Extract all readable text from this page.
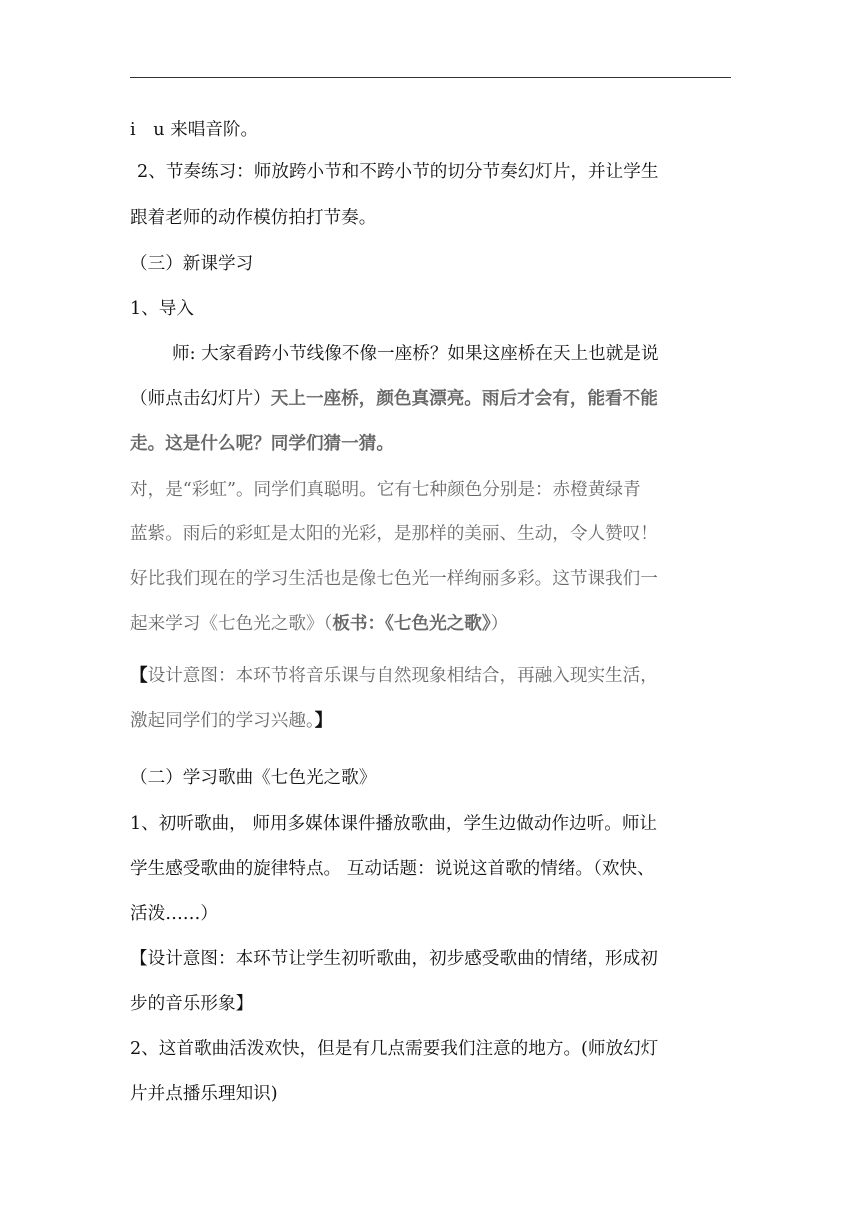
i　u 来唱音阶。
2、节奏练习：师放跨小节和不跨小节的切分节奏幻灯片，并让学生
跟着老师的动作模仿拍打节奏。
（三）新课学习
1、导入
师: 大家看跨小节线像不像一座桥？如果这座桥在天上也就是说
（师点击幻灯片）天上一座桥，颜色真漂亮。雨后才会有，能看不能
走。这是什么呢？同学们猜一猜。
对，是“彩虹”。同学们真聪明。它有七种颜色分别是：赤橙黄绿青
蓝紫。雨后的彩虹是太阳的光彩，是那样的美丽、生动，令人赞叹！
好比我们现在的学习生活也是像七色光一样绚丽多彩。这节课我们一
起来学习《七色光之歌》（板书：《七色光之歌》）
【设计意图：本环节将音乐课与自然现象相结合，再融入现实生活，
激起同学们的学习兴趣。】
（二）学习歌曲《七色光之歌》
1、初听歌曲， 师用多媒体课件播放歌曲，学生边做动作边听。师让
学生感受歌曲的旋律特点。 互动话题：说说这首歌的情绪。（欢快、
活泼……）
【设计意图：本环节让学生初听歌曲，初步感受歌曲的情绪，形成初
步的音乐形象】
2、这首歌曲活泼欢快，但是有几点需要我们注意的地方。(师放幻灯
片并点播乐理知识)
